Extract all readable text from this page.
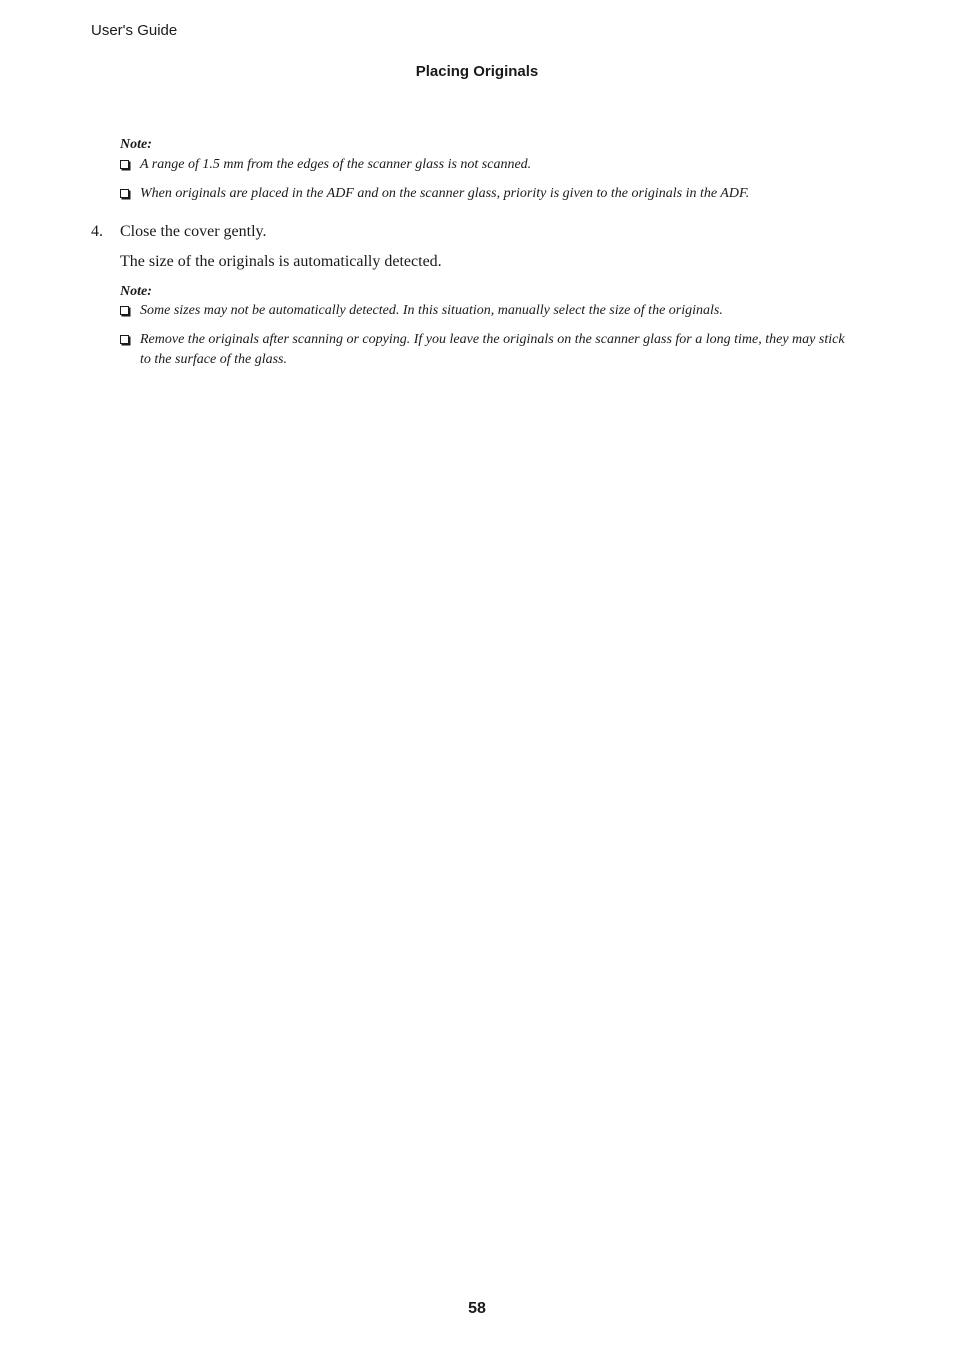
User's Guide
Placing Originals
Note:
A range of 1.5 mm from the edges of the scanner glass is not scanned.
When originals are placed in the ADF and on the scanner glass, priority is given to the originals in the ADF.
4. Close the cover gently.
The size of the originals is automatically detected.
Note:
Some sizes may not be automatically detected. In this situation, manually select the size of the originals.
Remove the originals after scanning or copying. If you leave the originals on the scanner glass for a long time, they may stick to the surface of the glass.
58
